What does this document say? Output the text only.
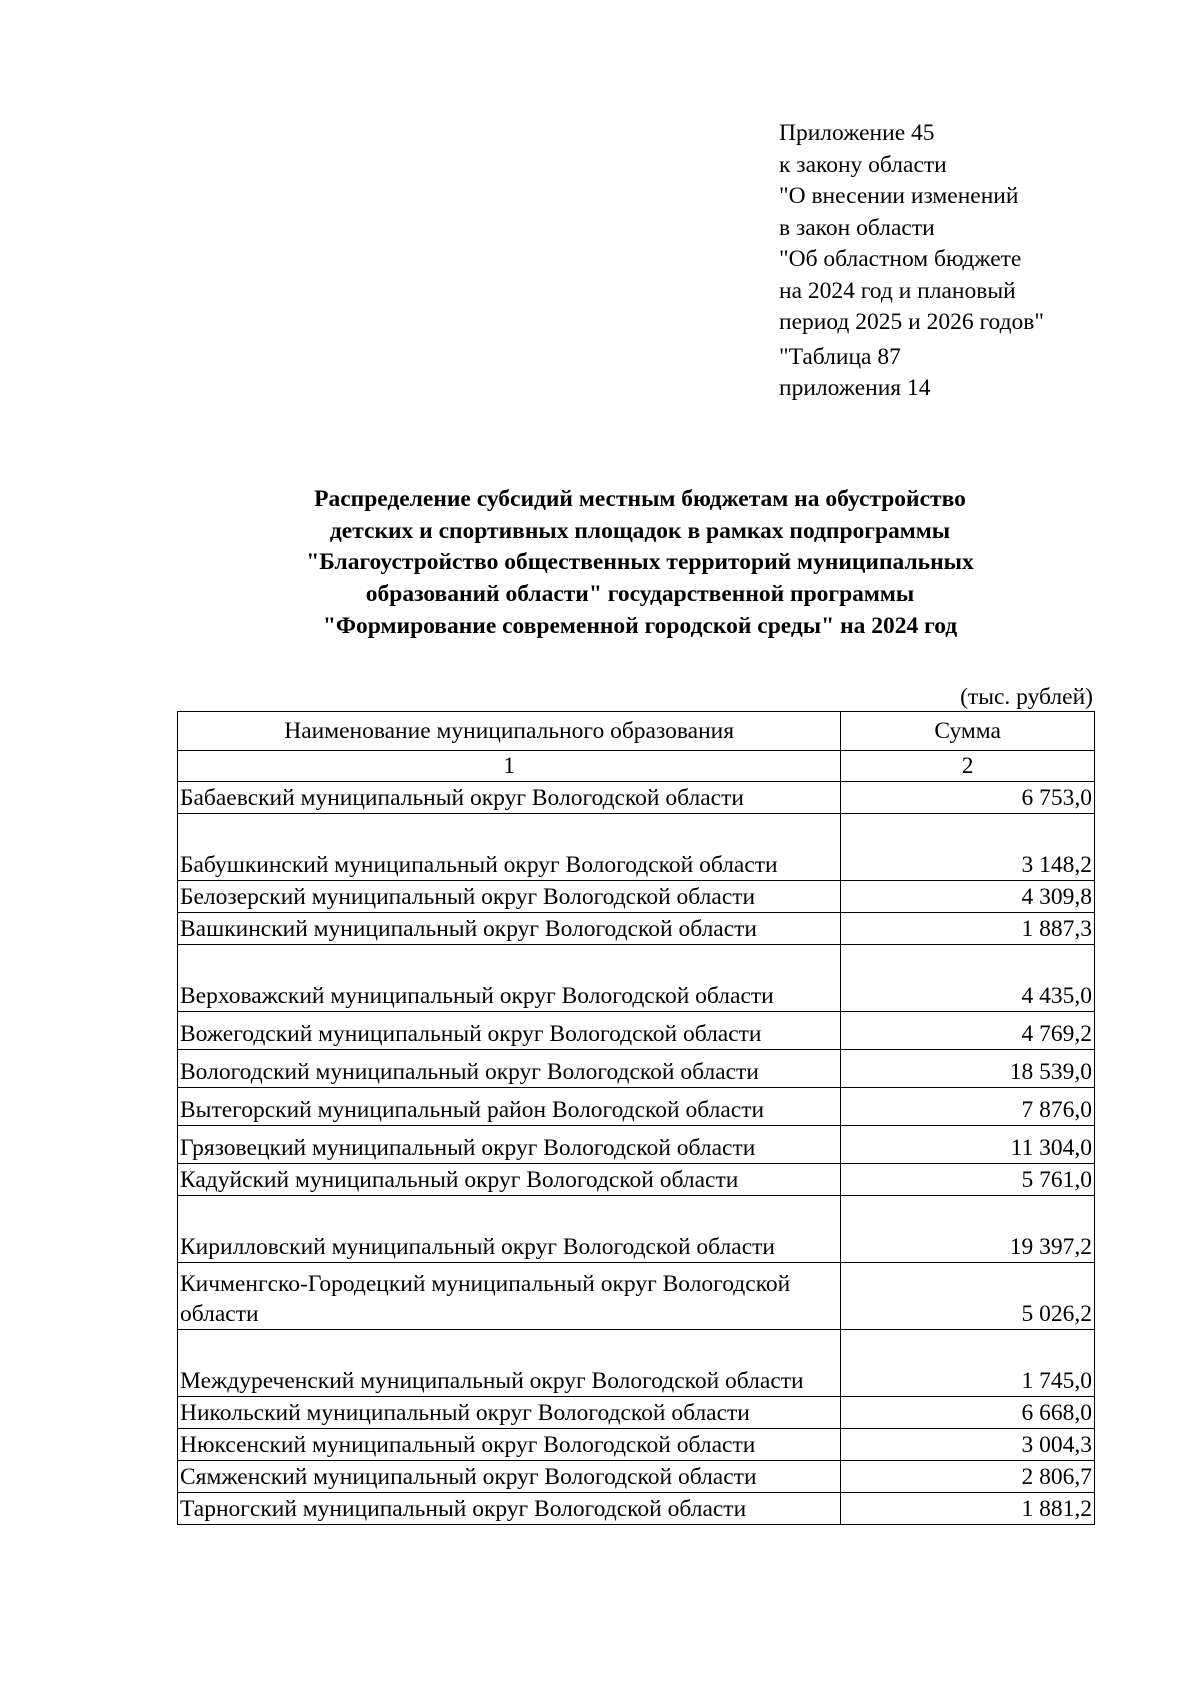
Приложение 45
к закону области
"О внесении изменений
в закон области
"Об областном бюджете
на 2024 год и плановый
период 2025 и 2026 годов"
"Таблица 87
приложения 14
Распределение субсидий местным бюджетам на обустройство
детских и спортивных площадок в рамках подпрограммы
"Благоустройство общественных территорий муниципальных
образований области" государственной программы
"Формирование современной городской среды" на 2024 год
(тыс. рублей)
Наименование муниципального образования	Сумма
1	2
Бабаевский муниципальный округ Вологодской области	6 753,0
Бабушкинский муниципальный округ Вологодской области	3 148,2
Белозерский муниципальный округ Вологодской области	4 309,8
Вашкинский муниципальный округ Вологодской области	1 887,3
Верховажский муниципальный округ Вологодской области	4 435,0
Вожегодский муниципальный округ Вологодской области	4 769,2
Вологодский муниципальный округ Вологодской области	18 539,0
Вытегорский муниципальный район Вологодской области	7 876,0
Грязовецкий муниципальный округ Вологодской области	11 304,0
Кадуйский муниципальный округ Вологодской области	5 761,0
Кирилловский муниципальный округ Вологодской области	19 397,2
Кичменгско-Городецкий муниципальный округ Вологодской области	5 026,2
Междуреченский муниципальный округ Вологодской области	1 745,0
Никольский муниципальный округ Вологодской области	6 668,0
Нюксенский муниципальный округ Вологодской области	3 004,3
Сямженский муниципальный округ Вологодской области	2 806,7
Тарногский муниципальный округ Вологодской области	1 881,2
